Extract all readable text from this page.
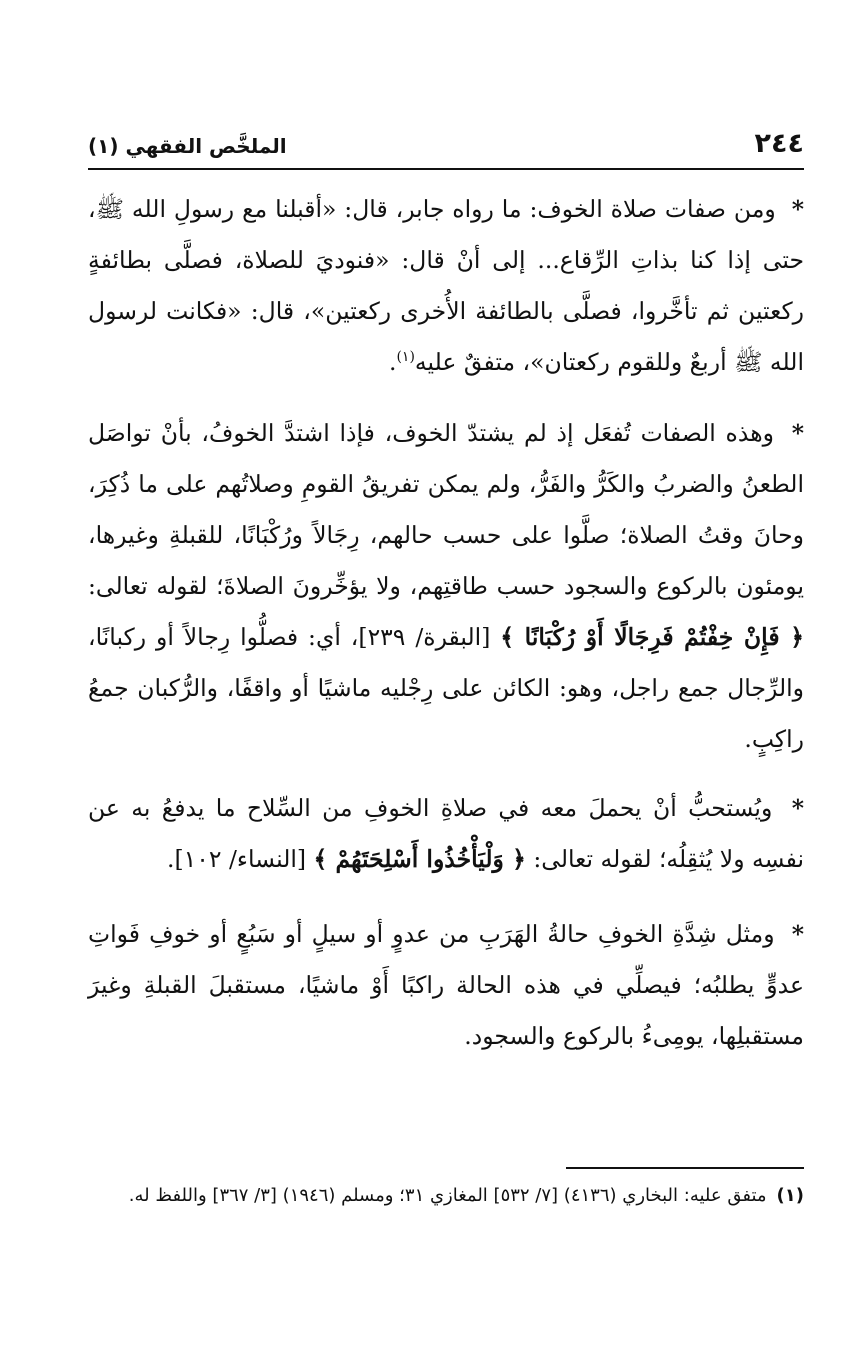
٢٤٤
الملخَّص الفقهي (١)

* ومن صفات صلاة الخوف: ما رواه جابر، قال: «أقبلنا مع رسولِ الله ﷺ، حتى إذا كنا بذاتِ الرِّقاع... إلى أنْ قال: «فنوديَ للصلاة، فصلَّى بطائفةٍ ركعتين ثم تأخَّروا، فصلَّى بالطائفة الأُخرى ركعتين»، قال: «فكانت لرسول الله ﷺ أربعٌ وللقوم ركعتان»، متفقٌ عليه$^{(١)}$.

* وهذه الصفات تُفعَل إذ لم يشتدّ الخوف، فإذا اشتدَّ الخوفُ، بأنْ تواصَل الطعنُ والضربُ والكَرُّ والفَرُّ، ولم يمكن تفريقُ القومِ وصلاتُهم على ما ذُكِرَ، وحانَ وقتُ الصلاة؛ صلَّوا على حسب حالهم، رِجَالاً ورُكْبَانًا، للقبلةِ وغيرها، يومئون بالركوع والسجود حسب طاقتِهم، ولا يؤخِّرونَ الصلاةَ؛ لقوله تعالى: ﴿ فَإِنْ خِفْتُمْ فَرِجَالًا أَوْ رُكْبَانًا ﴾ [البقرة/ ٢٣٩]، أي: فصلُّوا رِجالاً أو ركبانًا، والرِّجال جمع راجل، وهو: الكائن على رِجْليه ماشيًا أو واقفًا، والرُّكبان جمعُ راكِبٍ.

* ويُستحبُّ أنْ يحملَ معه في صلاةِ الخوفِ من السِّلاح ما يدفعُ به عن نفسِه ولا يُثقِلُه؛ لقوله تعالى: ﴿ وَلْيَأْخُذُوا أَسْلِحَتَهُمْ ﴾ [النساء/ ١٠٢].

* ومثل شِدَّةِ الخوفِ حالةُ الهَرَبِ من عدوٍ أو سيلٍ أو سَبُعٍ أو خوفِ فَواتِ عدوٍّ يطلبُه؛ فيصلِّي في هذه الحالة راكبًا أَوْ ماشيًا، مستقبلَ القبلةِ وغيرَ مستقبلِها، يومِىءُ بالركوع والسجود.

(١)متفق عليه: البخاري (٤١٣٦) [٧/ ٥٣٢] المغازي ٣١؛ ومسلم (١٩٤٦) [٣/ ٣٦٧] واللفظ له.
